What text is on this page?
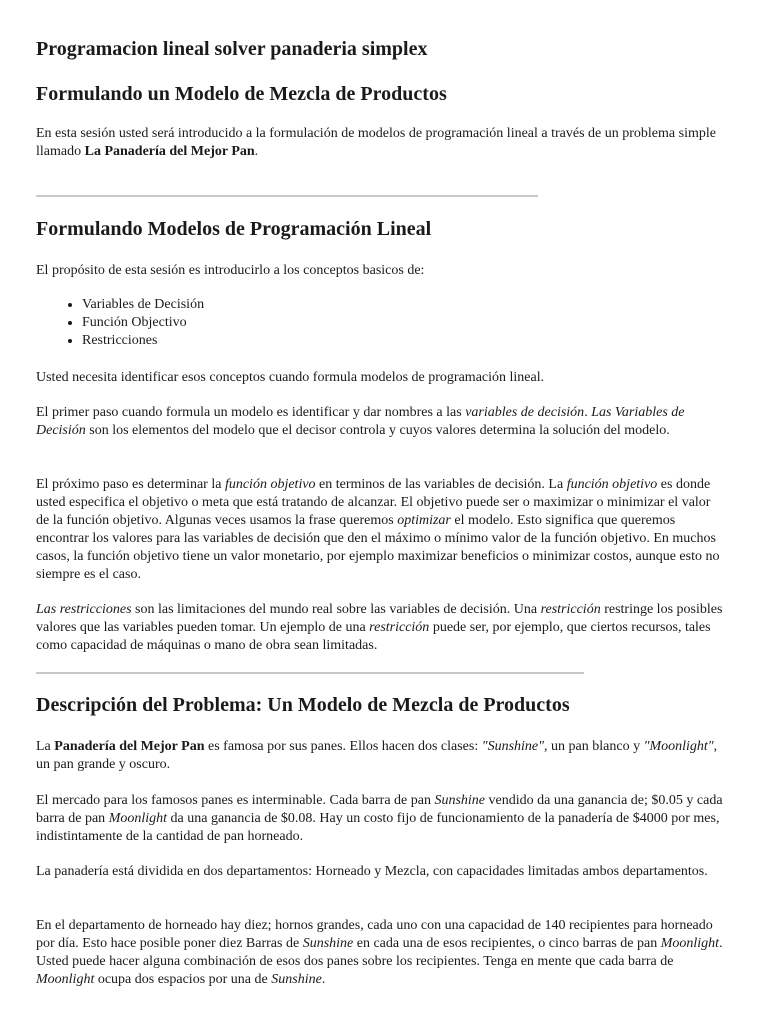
Programacion lineal solver panaderia simplex
Formulando un Modelo de Mezcla de Productos

En esta sesión usted será introducido a la formulación de modelos de programación lineal a través de un problema simple llamado La Panadería del Mejor Pan.

Formulando Modelos de Programación Lineal

El propósito de esta sesión es introducirlo a los conceptos basicos de:

• Variables de Decisión
• Función Objectivo
• Restricciones

Usted necesita identificar esos conceptos cuando formula modelos de programación lineal.

El primer paso cuando formula un modelo es identificar y dar nombres a las variables de decisión. Las Variables de Decisión son los elementos del modelo que el decisor controla y cuyos valores determina la solución del modelo.

El próximo paso es determinar la función objetivo en terminos de las variables de decisión. La función objetivo es donde usted especifica el objetivo o meta que está tratando de alcanzar. El objetivo puede ser o maximizar o minimizar el valor de la función objetivo. Algunas veces usamos la frase queremos optimizar el modelo. Esto significa que queremos encontrar los valores para las variables de decisión que den el máximo o mínimo valor de la función objetivo. En muchos casos, la función objetivo tiene un valor monetario, por ejemplo maximizar beneficios o minimizar costos, aunque esto no siempre es el caso.

Las restricciones son las limitaciones del mundo real sobre las variables de decisión. Una restricción restringe los posibles valores que las variables pueden tomar. Un ejemplo de una restricción puede ser, por ejemplo, que ciertos recursos, tales como capacidad de máquinas o mano de obra sean limitadas.

Descripción del Problema: Un Modelo de Mezcla de Productos

La Panadería del Mejor Pan es famosa por sus panes. Ellos hacen dos clases: "Sunshine", un pan blanco y "Moonlight", un pan grande y oscuro.

El mercado para los famosos panes es interminable. Cada barra de pan Sunshine vendido da una ganancia de; $0.05 y cada barra de pan Moonlight da una ganancia de $0.08. Hay un costo fijo de funcionamiento de la panadería de $4000 por mes, indistintamente de la cantidad de pan horneado.

La panadería está dividida en dos departamentos: Horneado y Mezcla, con capacidades limitadas ambos departamentos.

En el departamento de horneado hay diez; hornos grandes, cada uno con una capacidad de 140 recipientes para horneado por día. Esto hace posible poner diez Barras de Sunshine en cada una de esos recipientes, o cinco barras de pan Moonlight. Usted puede hacer alguna combinación de esos dos panes sobre los recipientes. Tenga en mente que cada barra de Moonlight ocupa dos espacios por una de Sunshine.
